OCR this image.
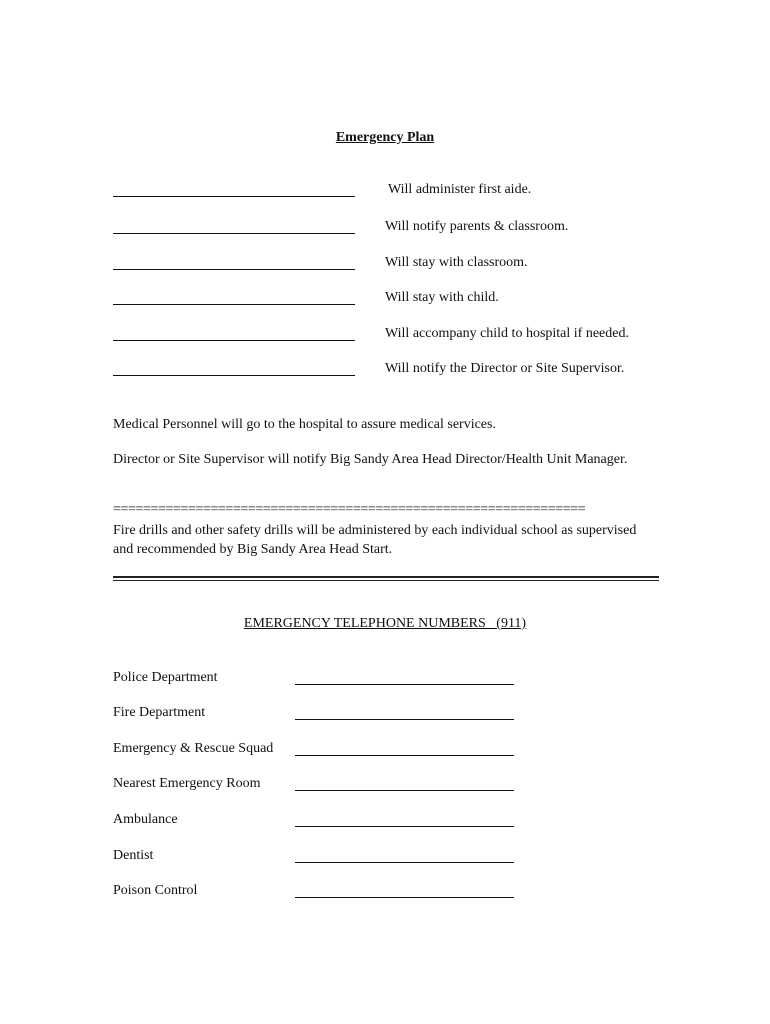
Emergency Plan
Will administer first aide.
Will notify parents & classroom.
Will stay with classroom.
Will stay with child.
Will accompany child to hospital if needed.
Will notify the Director or Site Supervisor.
Medical Personnel will go to the hospital to assure medical services.
Director or Site Supervisor will notify Big Sandy Area Head Director/Health Unit Manager.
===============================================================
Fire drills and other safety drills will be administered by each individual school as supervised and recommended by Big Sandy Area Head Start.
EMERGENCY TELEPHONE NUMBERS   (911)
Police Department
Fire Department
Emergency & Rescue Squad
Nearest Emergency Room
Ambulance
Dentist
Poison Control
